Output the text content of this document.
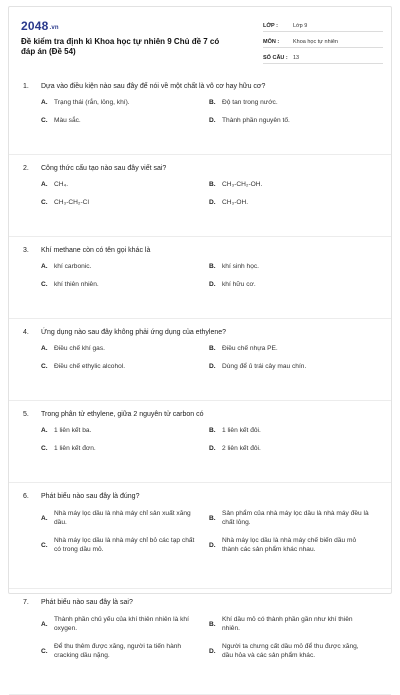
2048.vn
Đề kiểm tra định kì Khoa học tự nhiên 9 Chủ đề 7 có đáp án (Đề 54)
LỚP :	Lớp 9
MÔN :	Khoa học tự nhiên
SỐ CÂU : 13
1.	Dựa vào điều kiện nào sau đây để nói về một chất là vô cơ hay hữu cơ?
A. Trạng thái (rắn, lỏng, khí).	B. Độ tan trong nước.
C. Màu sắc.	D. Thành phần nguyên tố.
2.	Công thức cấu tạo nào sau đây viết sai?
A. CH₄.	B. CH₃-CH₂-OH.
C. CH₃-CH₂-Cl	D. CH₃-OH.
3.	Khí methane còn có tên gọi khác là
A. khí carbonic.	B. khí sinh học.
C. khí thiên nhiên.	D. khí hữu cơ.
4.	Ứng dụng nào sau đây không phải ứng dụng của ethylene?
A. Điều chế khí gas.	B. Điều chế nhựa PE.
C. Điều chế ethylic alcohol.	D. Dùng để ủ trái cây mau chín.
5.	Trong phân tử ethylene, giữa 2 nguyên tử carbon có
A. 1 liên kết ba.	B. 1 liên kết đôi.
C. 1 liên kết đơn.	D. 2 liên kết đôi.
6.	Phát biểu nào sau đây là đúng?
A.
Nhà máy lọc dầu là nhà máy chỉ sản xuất xăng dầu.
B.
Sản phẩm của nhà máy lọc dầu là nhà máy đều là chất lỏng.
C.
Nhà máy lọc dầu là nhà máy chỉ bỏ các tạp chất có trong dầu mỏ.
D.
Nhà máy lọc dầu là nhà máy chế biến dầu mỏ thành các sản phẩm khác nhau.
7.	Phát biểu nào sau đây là sai?
A.
Thành phần chủ yếu của khí thiên nhiên là khí oxygen.
B.
Khí dầu mỏ có thành phần gần như khí thiên nhiên.
C.
Để thu thêm được xăng, người ta tiến hành cracking dầu nặng.
D.
Người ta chưng cất dầu mỏ để thu được xăng, dầu hỏa và các sản phẩm khác.
